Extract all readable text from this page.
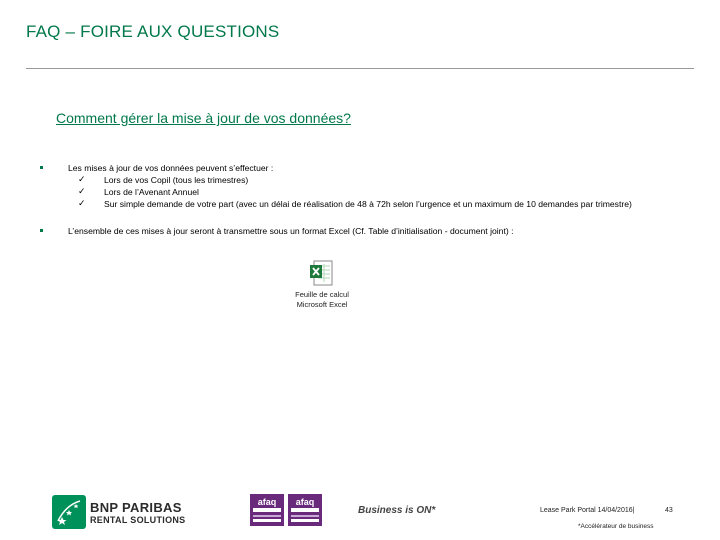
FAQ – FOIRE AUX QUESTIONS
Comment gérer la mise à jour de vos données?
Les mises à jour de vos données peuvent s’effectuer :
✓ Lors de vos Copil (tous les trimestres)
✓ Lors de l’Avenant Annuel
✓ Sur simple demande de votre part (avec un délai de réalisation de 48 à 72h selon l’urgence et un maximum de 10 demandes par trimestre)
L’ensemble de ces mises à jour seront à transmettre sous un format Excel (Cf. Table d’initialisation - document joint) :
Feuille de calcul
Microsoft Excel
BNP PARIBAS
RENTAL SOLUTIONS
afaq afaq
Business is ON*	Lease Park Portal 14/04/2016|	43
*Accélérateur de business
